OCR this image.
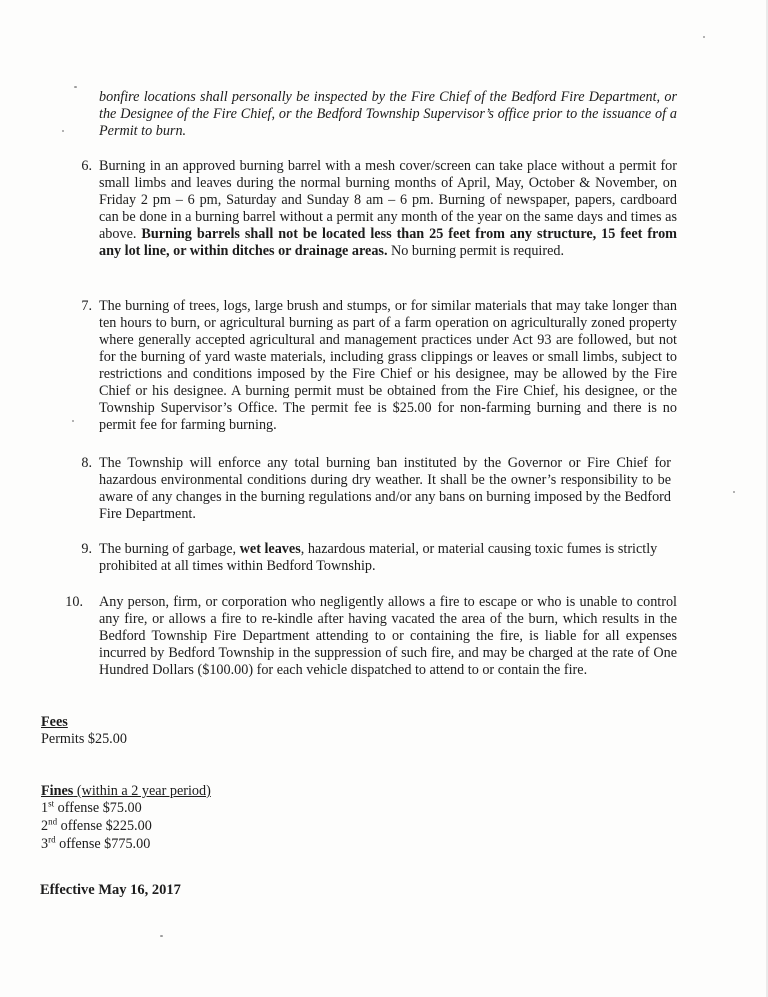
bonfire locations shall personally be inspected by the Fire Chief of the Bedford Fire Department, or the Designee of the Fire Chief, or the Bedford Township Supervisor’s office prior to the issuance of a Permit to burn.
6. Burning in an approved burning barrel with a mesh cover/screen can take place without a permit for small limbs and leaves during the normal burning months of April, May, October & November, on Friday 2 pm – 6 pm, Saturday and Sunday 8 am – 6 pm. Burning of newspaper, papers, cardboard can be done in a burning barrel without a permit any month of the year on the same days and times as above. Burning barrels shall not be located less than 25 feet from any structure, 15 feet from any lot line, or within ditches or drainage areas. No burning permit is required.
7. The burning of trees, logs, large brush and stumps, or for similar materials that may take longer than ten hours to burn, or agricultural burning as part of a farm operation on agriculturally zoned property where generally accepted agricultural and management practices under Act 93 are followed, but not for the burning of yard waste materials, including grass clippings or leaves or small limbs, subject to restrictions and conditions imposed by the Fire Chief or his designee, may be allowed by the Fire Chief or his designee. A burning permit must be obtained from the Fire Chief, his designee, or the Township Supervisor’s Office. The permit fee is $25.00 for non-farming burning and there is no permit fee for farming burning.
8. The Township will enforce any total burning ban instituted by the Governor or Fire Chief for hazardous environmental conditions during dry weather. It shall be the owner’s responsibility to be aware of any changes in the burning regulations and/or any bans on burning imposed by the Bedford Fire Department.
9. The burning of garbage, wet leaves, hazardous material, or material causing toxic fumes is strictly prohibited at all times within Bedford Township.
10. Any person, firm, or corporation who negligently allows a fire to escape or who is unable to control any fire, or allows a fire to re-kindle after having vacated the area of the burn, which results in the Bedford Township Fire Department attending to or containing the fire, is liable for all expenses incurred by Bedford Township in the suppression of such fire, and may be charged at the rate of One Hundred Dollars ($100.00) for each vehicle dispatched to attend to or contain the fire.
Fees
Permits $25.00
Fines (within a 2 year period)
1st offense $75.00
2nd offense $225.00
3rd offense $775.00
Effective May 16, 2017
